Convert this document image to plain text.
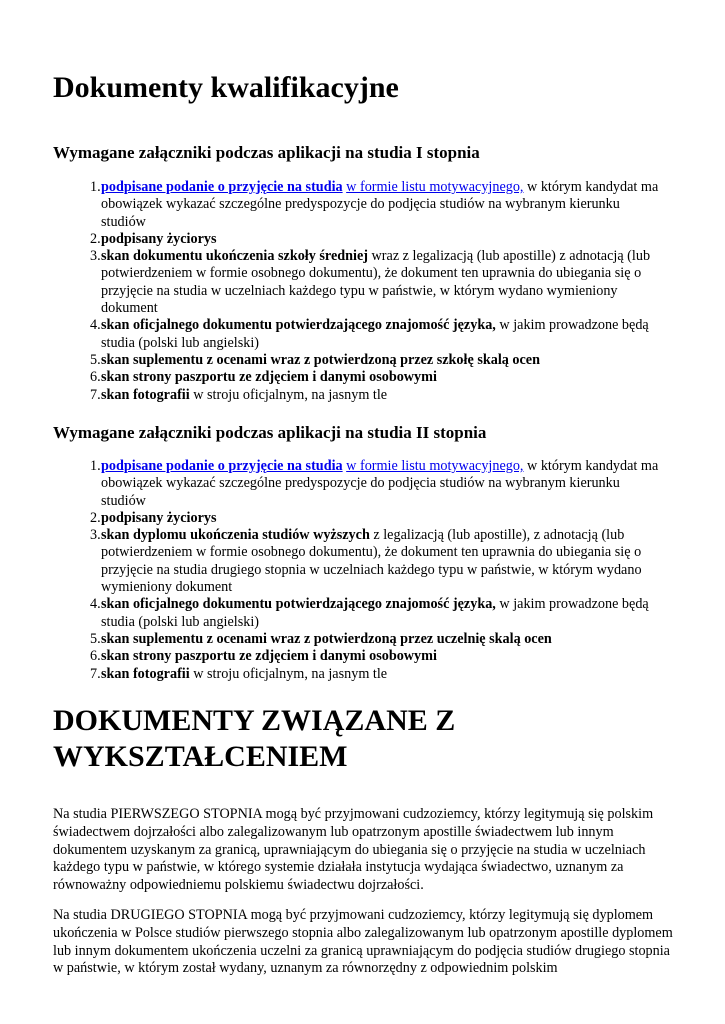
Dokumenty kwalifikacyjne
Wymagane załączniki podczas aplikacji na studia I stopnia
1. podpisane podanie o przyjęcie na studia w formie listu motywacyjnego, w którym kandydat ma obowiązek wykazać szczególne predyspozycje do podjęcia studiów na wybranym kierunku studiów
2. podpisany życiorys
3. skan dokumentu ukończenia szkoły średniej wraz z legalizacją (lub apostille) z adnotacją (lub potwierdzeniem w formie osobnego dokumentu), że dokument ten uprawnia do ubiegania się o przyjęcie na studia w uczelniach każdego typu w państwie, w którym wydano wymieniony dokument
4. skan oficjalnego dokumentu potwierdzającego znajomość języka, w jakim prowadzone będą studia (polski lub angielski)
5. skan suplementu z ocenami wraz z potwierdzoną przez szkołę skalą ocen
6. skan strony paszportu ze zdjęciem i danymi osobowymi
7. skan fotografii w stroju oficjalnym, na jasnym tle
Wymagane załączniki podczas aplikacji na studia II stopnia
1. podpisane podanie o przyjęcie na studia w formie listu motywacyjnego, w którym kandydat ma obowiązek wykazać szczególne predyspozycje do podjęcia studiów na wybranym kierunku studiów
2. podpisany życiorys
3. skan dyplomu ukończenia studiów wyższych z legalizacją (lub apostille), z adnotacją (lub potwierdzeniem w formie osobnego dokumentu), że dokument ten uprawnia do ubiegania się o przyjęcie na studia drugiego stopnia w uczelniach każdego typu w państwie, w którym wydano wymieniony dokument
4. skan oficjalnego dokumentu potwierdzającego znajomość języka, w jakim prowadzone będą studia (polski lub angielski)
5. skan suplementu z ocenami wraz z potwierdzoną przez uczelnię skalą ocen
6. skan strony paszportu ze zdjęciem i danymi osobowymi
7. skan fotografii w stroju oficjalnym, na jasnym tle
DOKUMENTY ZWIĄZANE Z WYKSZTAŁCENIEM

Na studia PIERWSZEGO STOPNIA mogą być przyjmowani cudzoziemcy, którzy legitymują się polskim świadectwem dojrzałości albo zalegalizowanym lub opatrzonym apostille świadectwem lub innym dokumentem uzyskanym za granicą, uprawniającym do ubiegania się o przyjęcie na studia w uczelniach każdego typu w państwie, w którego systemie działała instytucja wydająca świadectwo, uznanym za równoważny odpowiedniemu polskiemu świadectwu dojrzałości.

Na studia DRUGIEGO STOPNIA mogą być przyjmowani cudzoziemcy, którzy legitymują się dyplomem ukończenia w Polsce studiów pierwszego stopnia albo zalegalizowanym lub opatrzonym apostille dyplomem lub innym dokumentem ukończenia uczelni za granicą uprawniającym do podjęcia studiów drugiego stopnia w państwie, w którym został wydany, uznanym za równorzędny z odpowiednim polskim
